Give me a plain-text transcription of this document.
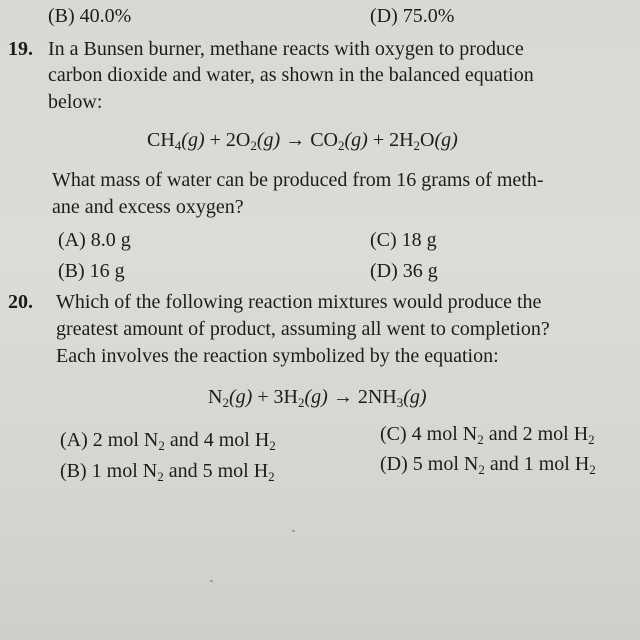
(B) 40.0%	(D) 75.0%
19. In a Bunsen burner, methane reacts with oxygen to produce
carbon dioxide and water, as shown in the balanced equation
below:
$CH_4(g) + 2O_2(g) \to CO_2(g) + 2H_2O(g)$
What mass of water can be produced from 16 grams of meth-
ane and excess oxygen?
(A) 8.0 g	(C) 18 g
(B) 16 g	(D) 36 g
20. Which of the following reaction mixtures would produce the
greatest amount of product, assuming all went to completion?
Each involves the reaction symbolized by the equation:
$N_2(g) + 3H_2(g) \to 2NH_3(g)$
(A) 2 mol $N_2$ and 4 mol $H_2$
(C) 4 mol $N_2$ and 2 mol $H_2$
(B) 1 mol $N_2$ and 5 mol $H_2$
(D) 5 mol $N_2$ and 1 mol $H_2$
